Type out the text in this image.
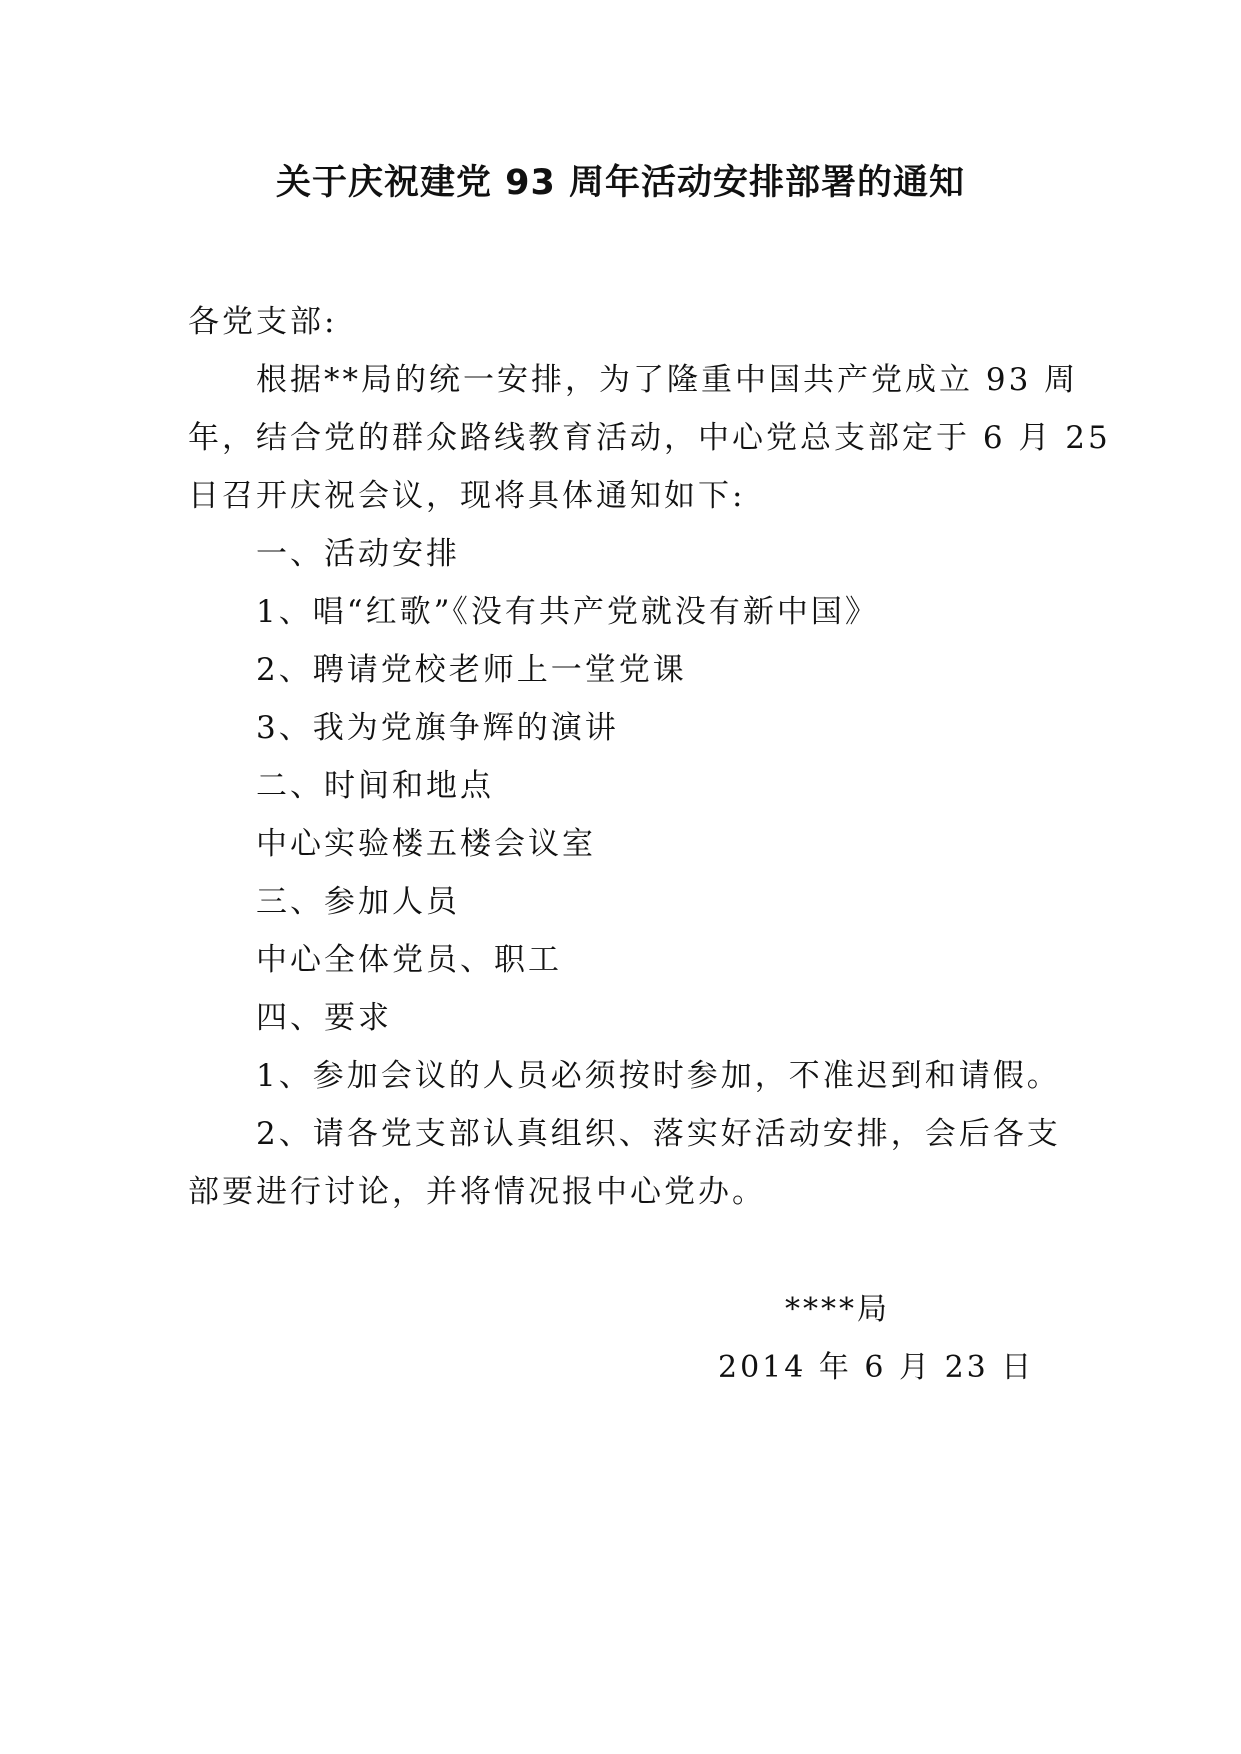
关于庆祝建党 93 周年活动安排部署的通知
各党支部:
根据**局的统一安排，为了隆重中国共产党成立 93 周
年，结合党的群众路线教育活动，中心党总支部定于 6 月 25
日召开庆祝会议，现将具体通知如下:
一、活动安排
1、唱“红歌”《没有共产党就没有新中国》
2、聘请党校老师上一堂党课
3、我为党旗争辉的演讲
二、时间和地点
中心实验楼五楼会议室
三、参加人员
中心全体党员、职工
四、要求
1、参加会议的人员必须按时参加，不准迟到和请假。
2、请各党支部认真组织、落实好活动安排，会后各支
部要进行讨论，并将情况报中心党办。
****局
2014 年 6 月 23 日
